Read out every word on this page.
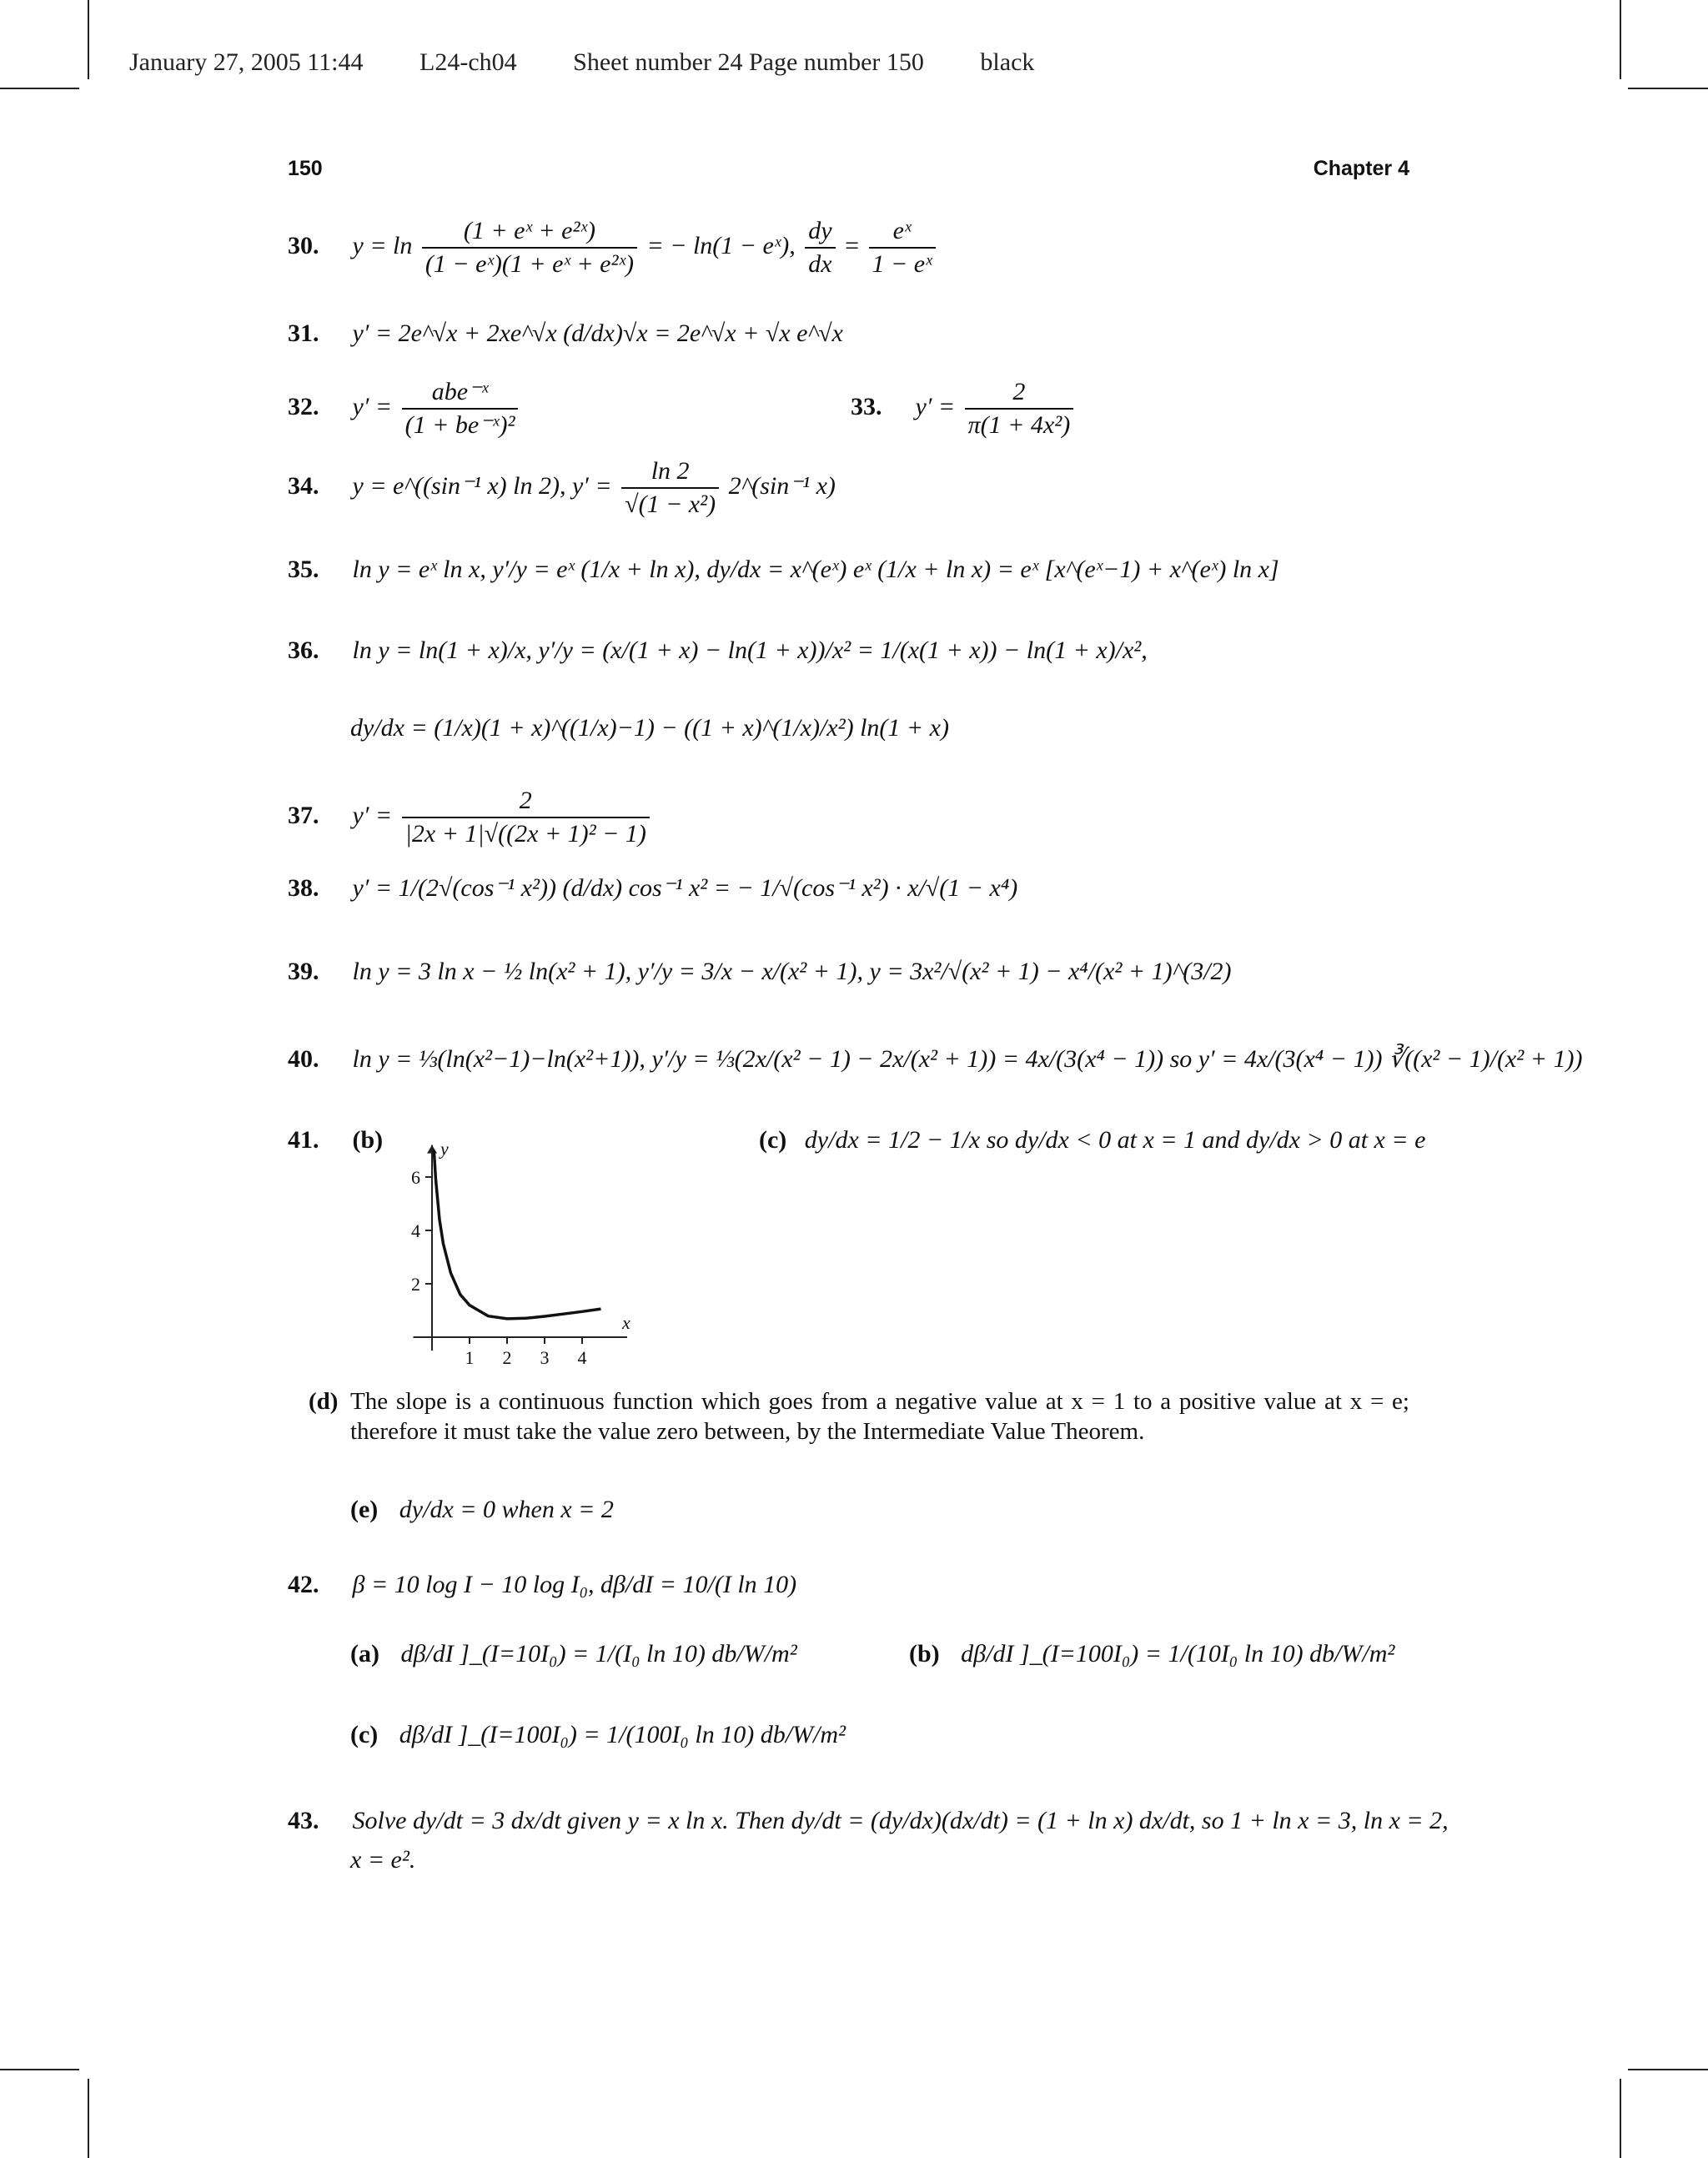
January 27, 2005 11:44 L24-ch04 Sheet number 24 Page number 150 black
150	Chapter 4
30. $y = \ln \frac{\text{(1 + eˣ + e²ˣ)}}{\text{(1 − eˣ)(1 + eˣ + e²ˣ)}}$ = − ln(1 − eˣ), $\frac{dy}{dx} = \frac{\text{eˣ}}{\text{1 − eˣ}}$
31. y′ = 2e^√x + 2xe^√x (d/dx)√x = 2e^√x + √x e^√x
32. $y' = \frac{\text{abe⁻ˣ}}{\text{(1 + be⁻ˣ)²}}$	33. $y' = \frac{2}{\text{π(1 + 4x²)}}$
34. y = e^((sin⁻¹ x) ln 2), $y' = \frac{\ln 2}{\text{√(1 − x²)}}$ 2^(sin⁻¹ x)
35. ln y = eˣ ln x, y′/y = eˣ (1/x + ln x), dy/dx = x^(eˣ) eˣ (1/x + ln x) = eˣ [x^(eˣ−1) + x^(eˣ) ln x]
36. ln y = ln(1 + x)/x, y′/y = (x/(1 + x) − ln(1 + x))/x² = 1/(x(1 + x)) − ln(1 + x)/x²,
dy/dx = (1/x)(1 + x)^((1/x)−1) − ((1 + x)^(1/x)/x²) ln(1 + x)
37. $y' = \frac{2}{\text{|2x + 1|√((2x + 1)² − 1)}}$
38. y′ = 1/(2√(cos⁻¹ x²)) (d/dx) cos⁻¹ x² = − 1/√(cos⁻¹ x²) · x/√(1 − x⁴)
39. ln y = 3 ln x − ½ ln(x² + 1), y′/y = 3/x − x/(x² + 1), y = 3x²/√(x² + 1) − x⁴/(x² + 1)^(3/2)
40. ln y = ⅓(ln(x²−1)−ln(x²+1)), y′/y = ⅓(2x/(x² − 1) − 2x/(x² + 1)) = 4x/(3(x⁴ − 1)) so y′ = 4x/(3(x⁴ − 1)) ∛((x² − 1)/(x² + 1))
41. (b)	(c) dy/dx = 1/2 − 1/x so dy/dx < 0 at x = 1 and dy/dx > 0 at x = e
x
y
1 2 3 4
2
4
6
(d) The slope is a continuous function which goes from a negative value at x = 1 to a positive value at x = e; therefore it must take the value zero between, by the Intermediate Value Theorem.
(e) dy/dx = 0 when x = 2
42. β = 10 log I − 10 log I₀, dβ/dI = 10/(I ln 10)
(a) dβ/dI ]_(I=10I₀) = 1/(I₀ ln 10) db/W/m²	(b) dβ/dI ]_(I=100I₀) = 1/(10I₀ ln 10) db/W/m²
(c) dβ/dI ]_(I=100I₀) = 1/(100I₀ ln 10) db/W/m²
43. Solve dy/dt = 3 dx/dt given y = x ln x. Then dy/dt = (dy/dx)(dx/dt) = (1 + ln x) dx/dt, so 1 + ln x = 3, ln x = 2,
x = e².
